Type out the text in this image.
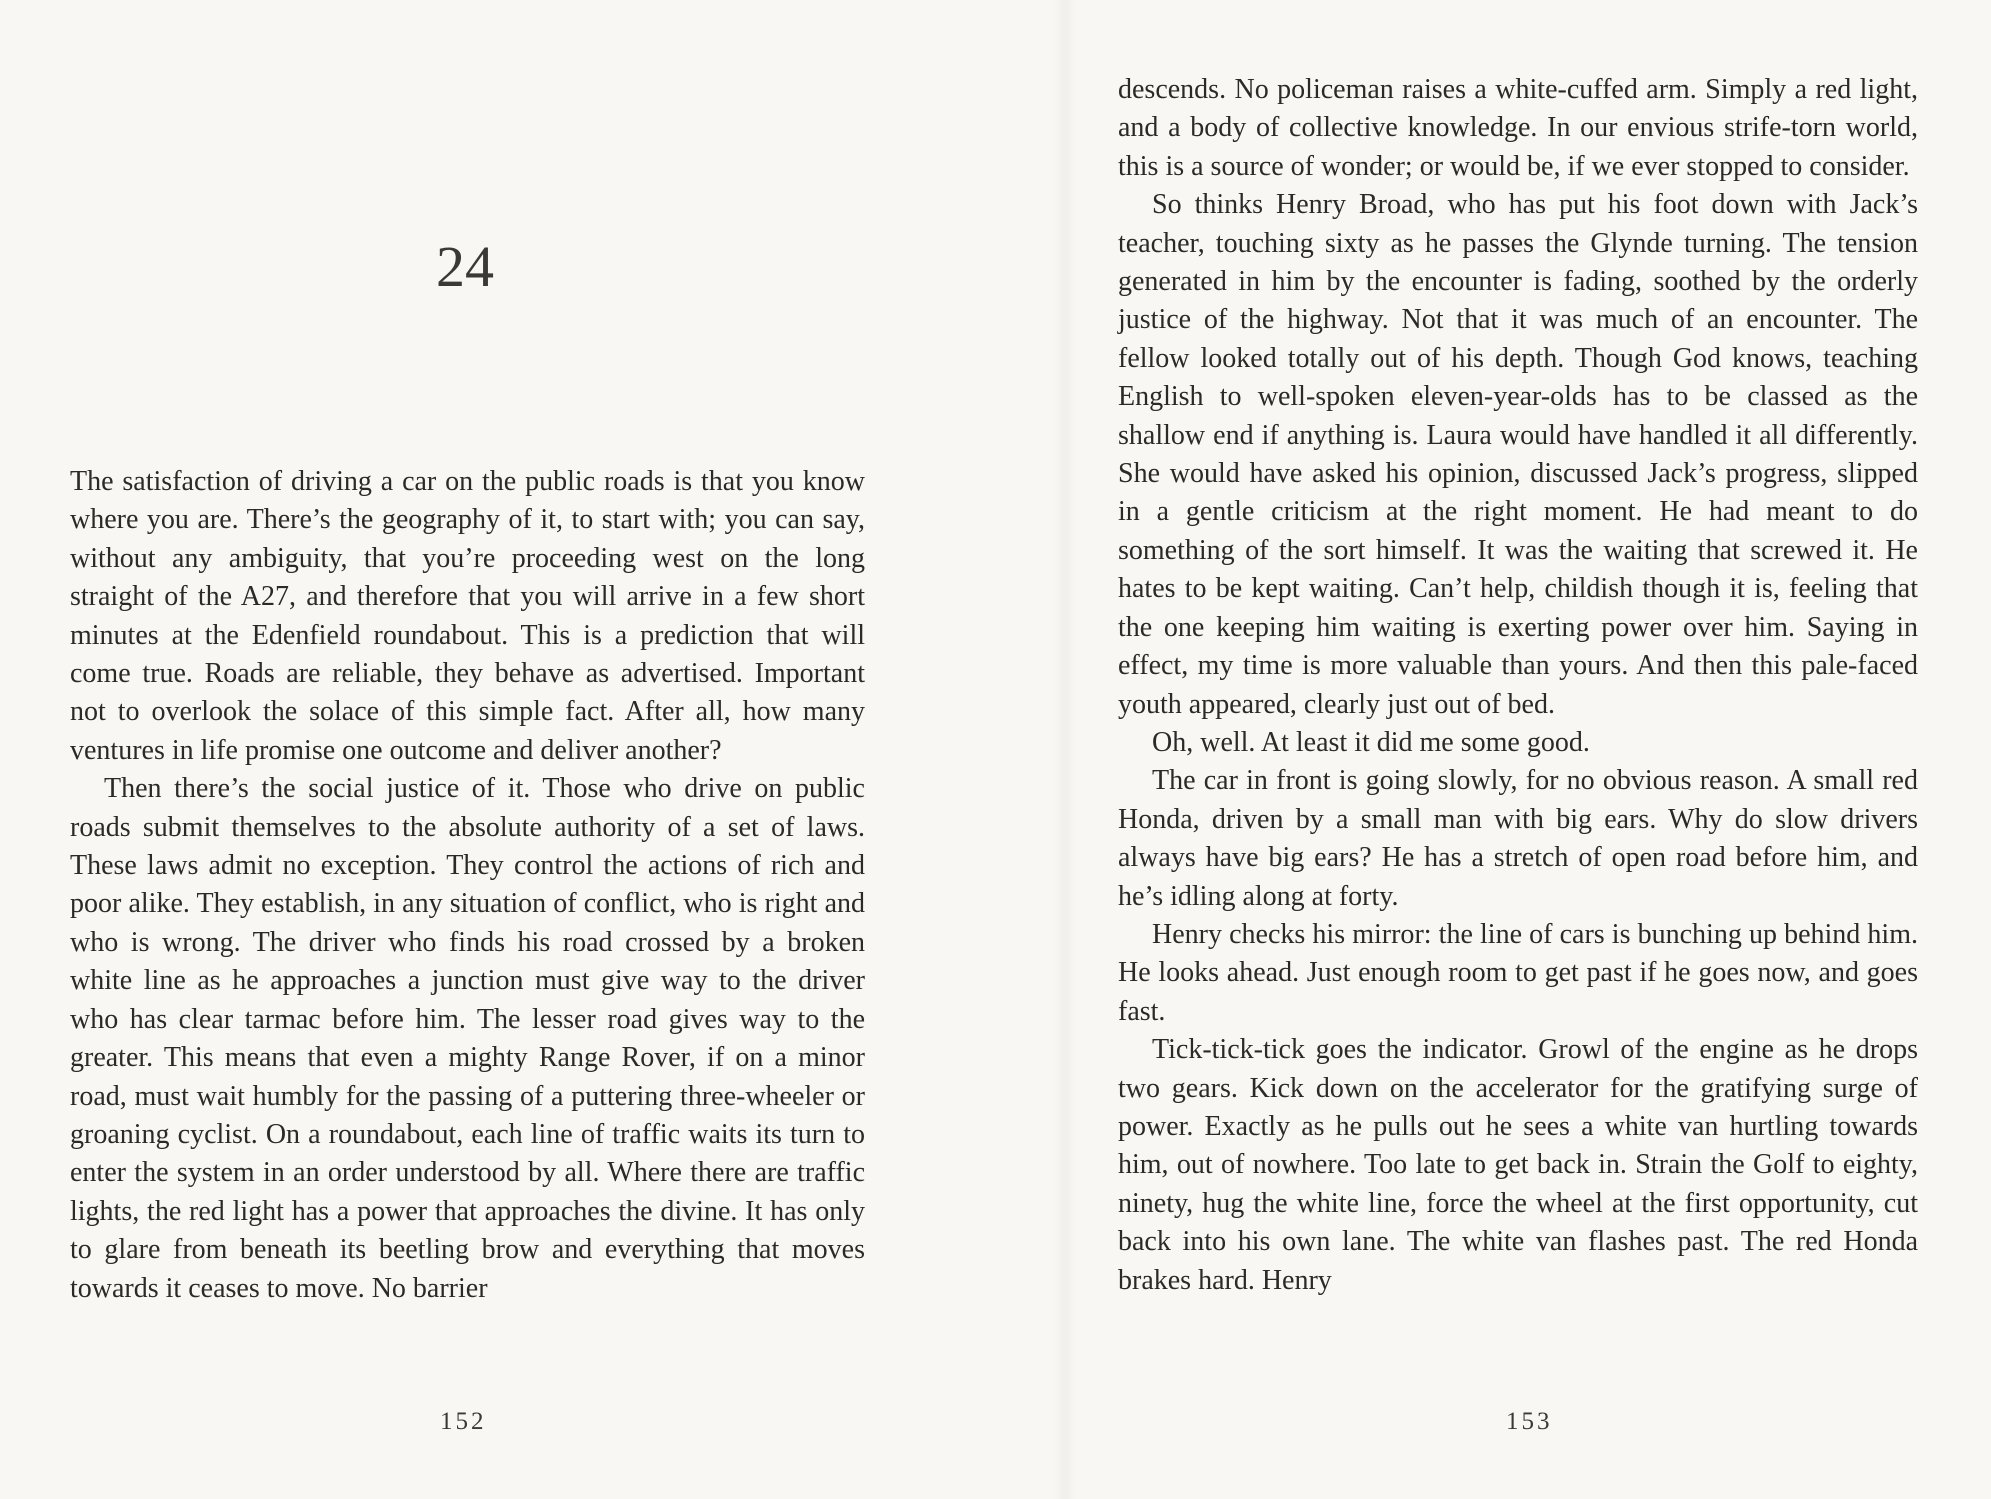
24

The satisfaction of driving a car on the public roads is that you know where you are. There’s the geography of it, to start with; you can say, without any ambiguity, that you’re proceeding west on the long straight of the A27, and therefore that you will arrive in a few short minutes at the Edenfield roundabout. This is a prediction that will come true. Roads are reliable, they behave as advertised. Important not to overlook the solace of this simple fact. After all, how many ventures in life promise one outcome and deliver another?

Then there’s the social justice of it. Those who drive on public roads submit themselves to the absolute authority of a set of laws. These laws admit no exception. They control the actions of rich and poor alike. They establish, in any situation of conflict, who is right and who is wrong. The driver who finds his road crossed by a broken white line as he approaches a junction must give way to the driver who has clear tarmac before him. The lesser road gives way to the greater. This means that even a mighty Range Rover, if on a minor road, must wait humbly for the passing of a puttering three-wheeler or groaning cyclist. On a roundabout, each line of traffic waits its turn to enter the system in an order understood by all. Where there are traffic lights, the red light has a power that approaches the divine. It has only to glare from beneath its beetling brow and everything that moves towards it ceases to move. No barrier

152

descends. No policeman raises a white-cuffed arm. Simply a red light, and a body of collective knowledge. In our envious strife-torn world, this is a source of wonder; or would be, if we ever stopped to consider.

So thinks Henry Broad, who has put his foot down with Jack’s teacher, touching sixty as he passes the Glynde turning. The tension generated in him by the encounter is fading, soothed by the orderly justice of the highway. Not that it was much of an encounter. The fellow looked totally out of his depth. Though God knows, teaching English to well-spoken eleven-year-olds has to be classed as the shallow end if anything is. Laura would have handled it all differently. She would have asked his opinion, discussed Jack’s progress, slipped in a gentle criticism at the right moment. He had meant to do something of the sort himself. It was the waiting that screwed it. He hates to be kept waiting. Can’t help, childish though it is, feeling that the one keeping him waiting is exerting power over him. Saying in effect, my time is more valuable than yours. And then this pale-faced youth appeared, clearly just out of bed.

Oh, well. At least it did me some good.

The car in front is going slowly, for no obvious reason. A small red Honda, driven by a small man with big ears. Why do slow drivers always have big ears? He has a stretch of open road before him, and he’s idling along at forty.

Henry checks his mirror: the line of cars is bunching up behind him. He looks ahead. Just enough room to get past if he goes now, and goes fast.

Tick-tick-tick goes the indicator. Growl of the engine as he drops two gears. Kick down on the accelerator for the gratifying surge of power. Exactly as he pulls out he sees a white van hurtling towards him, out of nowhere. Too late to get back in. Strain the Golf to eighty, ninety, hug the white line, force the wheel at the first opportunity, cut back into his own lane. The white van flashes past. The red Honda brakes hard. Henry

153
